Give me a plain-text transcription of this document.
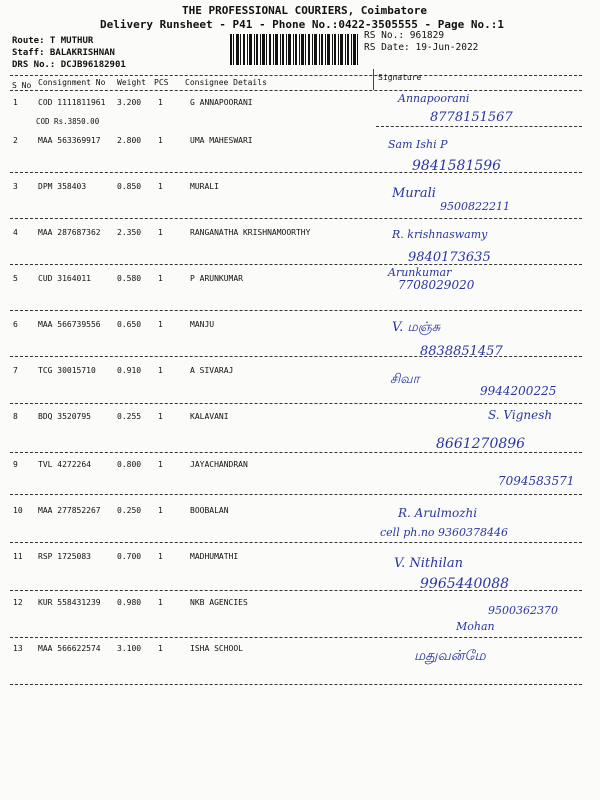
THE PROFESSIONAL COURIERS, Coimbatore
Delivery Runsheet - P41 - Phone No.:0422-3505555 - Page No.:1
Route: T MUTHUR
Staff: BALAKRISHNAN
DRS No.: DCJB96182901
RS No.: 961829
RS Date: 19-Jun-2022
S No Consignment No Weight PCS Consignee Details
Signature
1	COD 1111811961 3.200 1	G ANNAPOORANI
COD Rs.3850.00
Annapoorani
8778151567
2	MAA 563369917 2.800 1	UMA MAHESWARI	Sam Ishi P
9841581596
3	DPM 358403	0.850 1	MURALI	Murali
9500822211
4	MAA 287687362 2.350 1	RANGANATHA KRISHNAMOORTHY	R. krishnaswamy
9840173635
5	CUD 3164011	0.580 1	P ARUNKUMAR	Arunkumar
7708029020
6	MAA 566739556 0.650 1	MANJU	V. மஞ்சு
8838851457
7	TCG 30015710	0.910 1	A SIVARAJ
சிவா
9944200225
8	BDQ 3520795	0.255 1	KALAVANI	S. Vignesh
8661270896
9	TVL 4272264	0.800 1	JAYACHANDRAN
7094583571
10 MAA 277852267 0.250 1	BOOBALAN	R. Arulmozhi
cell ph.no 9360378446
11 RSP 1725083	0.700 1	MADHUMATHI	V. Nithilan
9965440088
12 KUR 558431239 0.980 1	NKB AGENCIES
Mohan
9500362370
13 MAA 566622574 3.100 1	ISHA SCHOOL	மதுவன்மே
